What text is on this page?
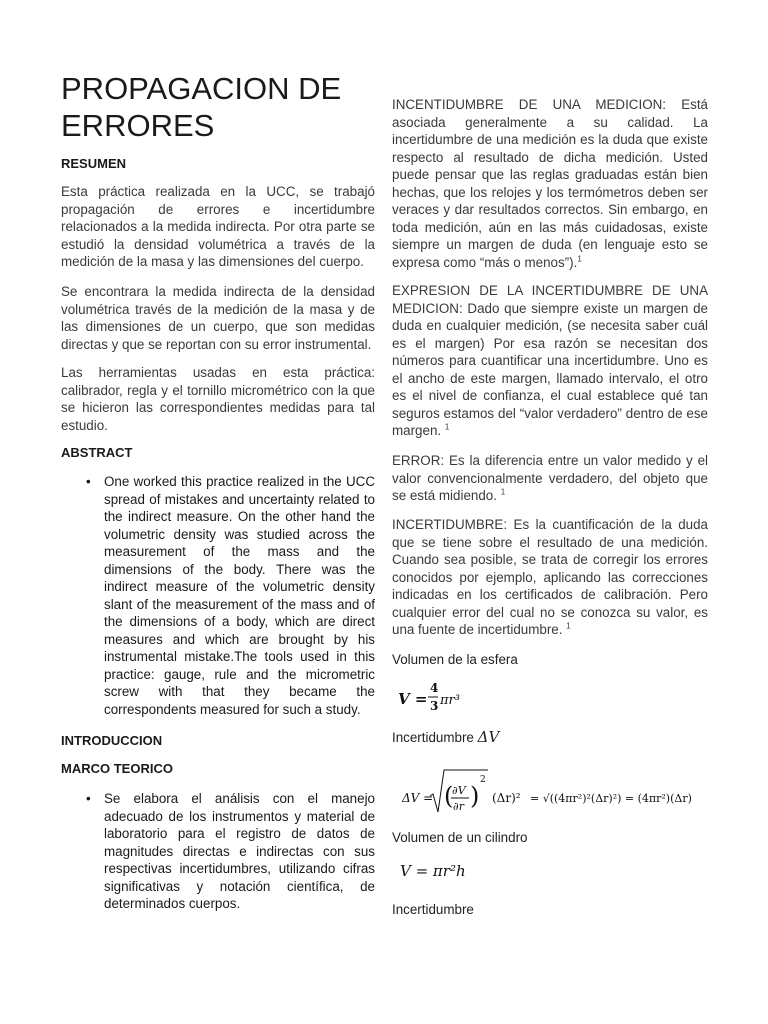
PROPAGACION DE ERRORES
RESUMEN

Esta práctica realizada en la UCC, se trabajó propagación de errores e incertidumbre relacionados a la medida indirecta. Por otra parte se estudió la densidad volumétrica a través de la medición de la masa y las dimensiones del cuerpo.

Se encontrara la medida indirecta de la densidad volumétrica través de la medición de la masa y de las dimensiones de un cuerpo, que son medidas directas y que se reportan con su error instrumental.

Las herramientas usadas en esta práctica: calibrador, regla y el tornillo micrométrico con la que se hicieron las correspondientes medidas para tal estudio.

ABSTRACT
• One worked this practice realized in the UCC spread of mistakes and uncertainty related to the indirect measure. On the other hand the volumetric density was studied across the measurement of the mass and the dimensions of the body. There was the indirect measure of the volumetric density slant of the measurement of the mass and of the dimensions of a body, which are direct measures and which are brought by his instrumental mistake.The tools used in this practice: gauge, rule and the micrometric screw with that they became the correspondents measured for such a study.
INTRODUCCION
MARCO TEORICO
• Se elabora el análisis con el manejo adecuado de los instrumentos y material de laboratorio para el registro de datos de magnitudes directas e indirectas con sus respectivas incertidumbres, utilizando cifras significativas y notación científica, de determinados cuerpos.

INCENTIDUMBRE DE UNA MEDICION: Está asociada generalmente a su calidad. La incertidumbre de una medición es la duda que existe respecto al resultado de dicha medición. Usted puede pensar que las reglas graduadas están bien hechas, que los relojes y los termómetros deben ser veraces y dar resultados correctos. Sin embargo, en toda medición, aún en las más cuidadosas, existe siempre un margen de duda (en lenguaje esto se expresa como “más o menos”).$^1$

EXPRESION DE LA INCERTIDUMBRE DE UNA MEDICION: Dado que siempre existe un margen de duda en cualquier medición, (se necesita saber cuál es el margen) Por esa razón se necesitan dos números para cuantificar una incertidumbre. Uno es el ancho de este margen, llamado intervalo, el otro es el nivel de confianza, el cual establece qué tan seguros estamos del “valor verdadero” dentro de ese margen. $^1$

ERROR: Es la diferencia entre un valor medido y el valor convencionalmente verdadero, del objeto que se está midiendo. $^1$

INCERTIDUMBRE: Es la cuantificación de la duda que se tiene sobre el resultado de una medición. Cuando sea posible, se trata de corregir los errores conocidos por ejemplo, aplicando las correcciones indicadas en los certificados de calibración. Pero cualquier error del cual no se conozca su valor, es una fuente de incertidumbre. $^1$

Volumen de la esfera

V =
4
3 πr³

Incertidumbre ΔV

ΔV = (
∂V
∂r )
2
(Δr)² = √((4πr²)²(Δr)²) = (4πr²)(Δr)

Volumen de un cilindro

V = πr²h

Incertidumbre
